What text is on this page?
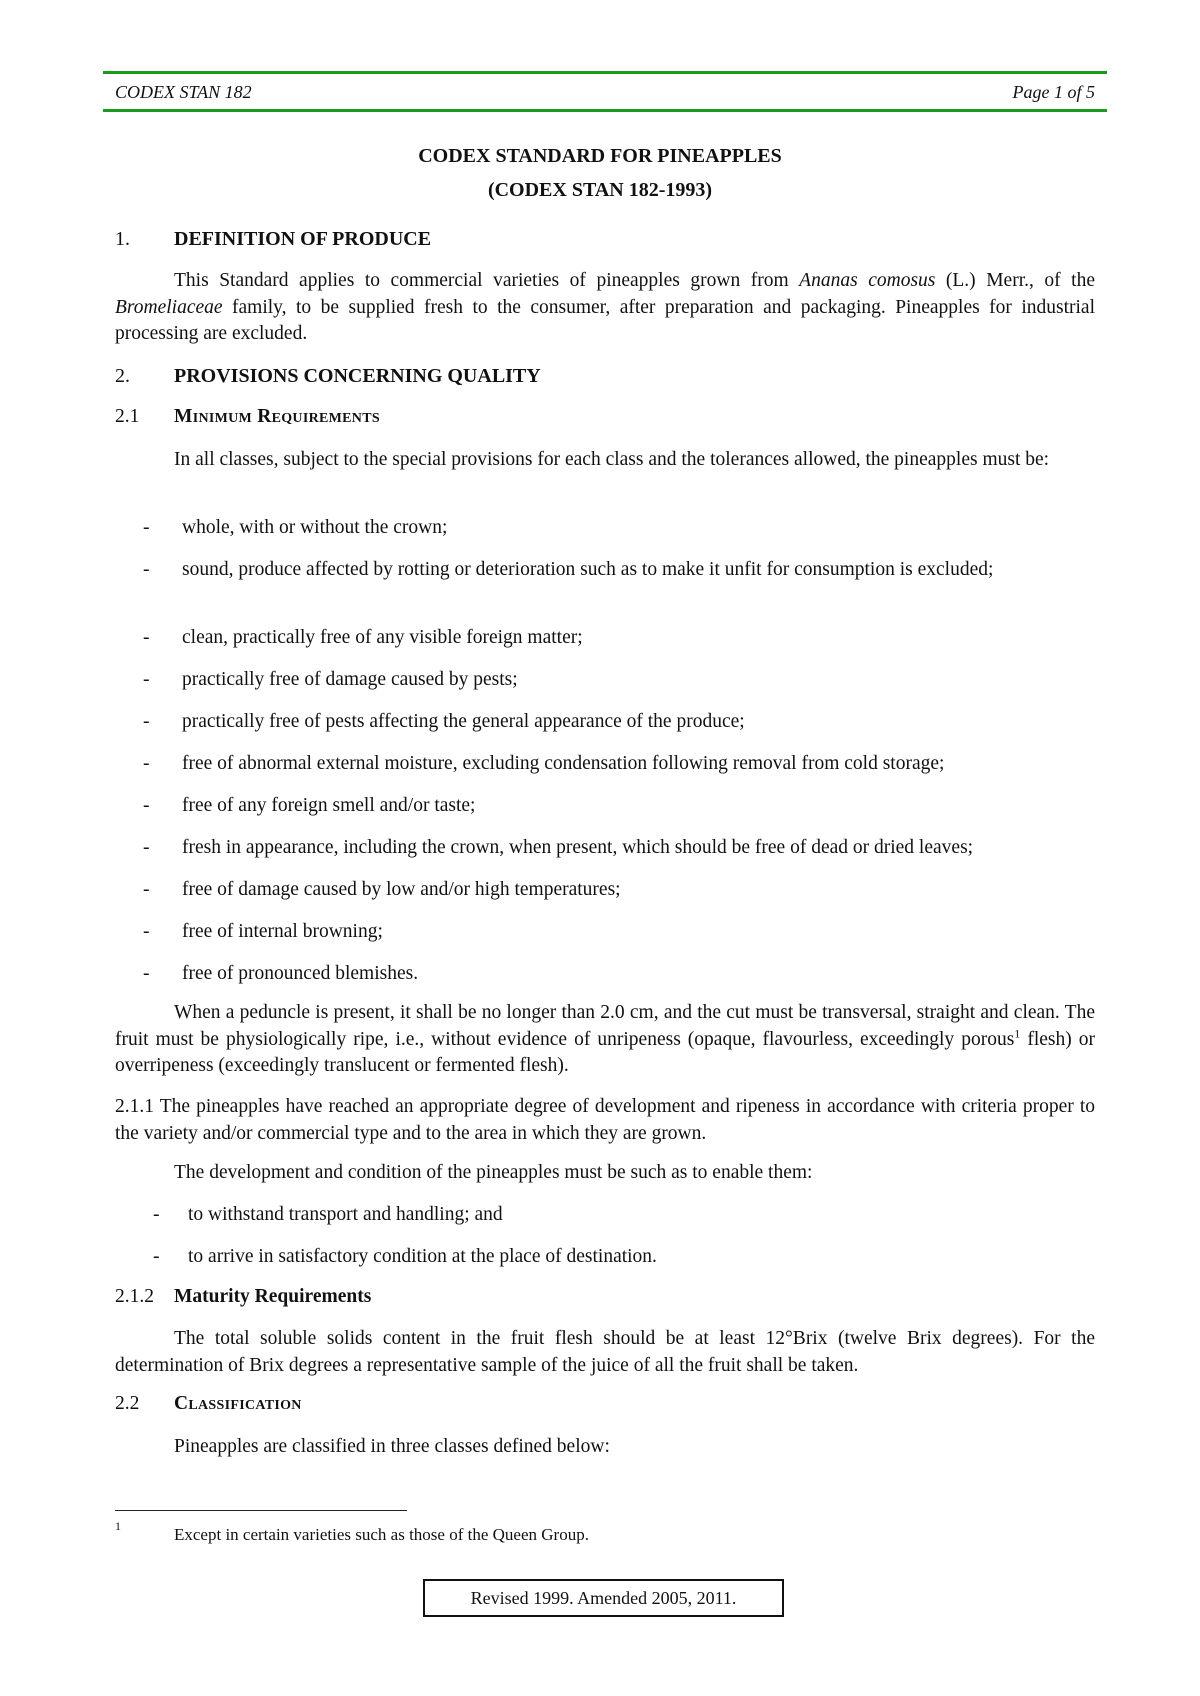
CODEX STAN 182	Page 1 of 5
CODEX STANDARD FOR PINEAPPLES
(CODEX STAN 182-1993)
1. DEFINITION OF PRODUCE
This Standard applies to commercial varieties of pineapples grown from Ananas comosus (L.) Merr., of the Bromeliaceae family, to be supplied fresh to the consumer, after preparation and packaging. Pineapples for industrial processing are excluded.
2. PROVISIONS CONCERNING QUALITY
2.1 Minimum Requirements
In all classes, subject to the special provisions for each class and the tolerances allowed, the pineapples must be:
- whole, with or without the crown;
- sound, produce affected by rotting or deterioration such as to make it unfit for consumption is excluded;
- clean, practically free of any visible foreign matter;
- practically free of damage caused by pests;
- practically free of pests affecting the general appearance of the produce;
- free of abnormal external moisture, excluding condensation following removal from cold storage;
- free of any foreign smell and/or taste;
- fresh in appearance, including the crown, when present, which should be free of dead or dried leaves;
- free of damage caused by low and/or high temperatures;
- free of internal browning;
- free of pronounced blemishes.
When a peduncle is present, it shall be no longer than 2.0 cm, and the cut must be transversal, straight and clean. The fruit must be physiologically ripe, i.e., without evidence of unripeness (opaque, flavourless, exceedingly porous$^1$ flesh) or overripeness (exceedingly translucent or fermented flesh).
2.1.1 The pineapples have reached an appropriate degree of development and ripeness in accordance with criteria proper to the variety and/or commercial type and to the area in which they are grown.
The development and condition of the pineapples must be such as to enable them:
- to withstand transport and handling; and
- to arrive in satisfactory condition at the place of destination.
2.1.2 Maturity Requirements
The total soluble solids content in the fruit flesh should be at least 12°Brix (twelve Brix degrees). For the determination of Brix degrees a representative sample of the juice of all the fruit shall be taken.
2.2 Classification
Pineapples are classified in three classes defined below:
1	Except in certain varieties such as those of the Queen Group.
Revised 1999. Amended 2005, 2011.
